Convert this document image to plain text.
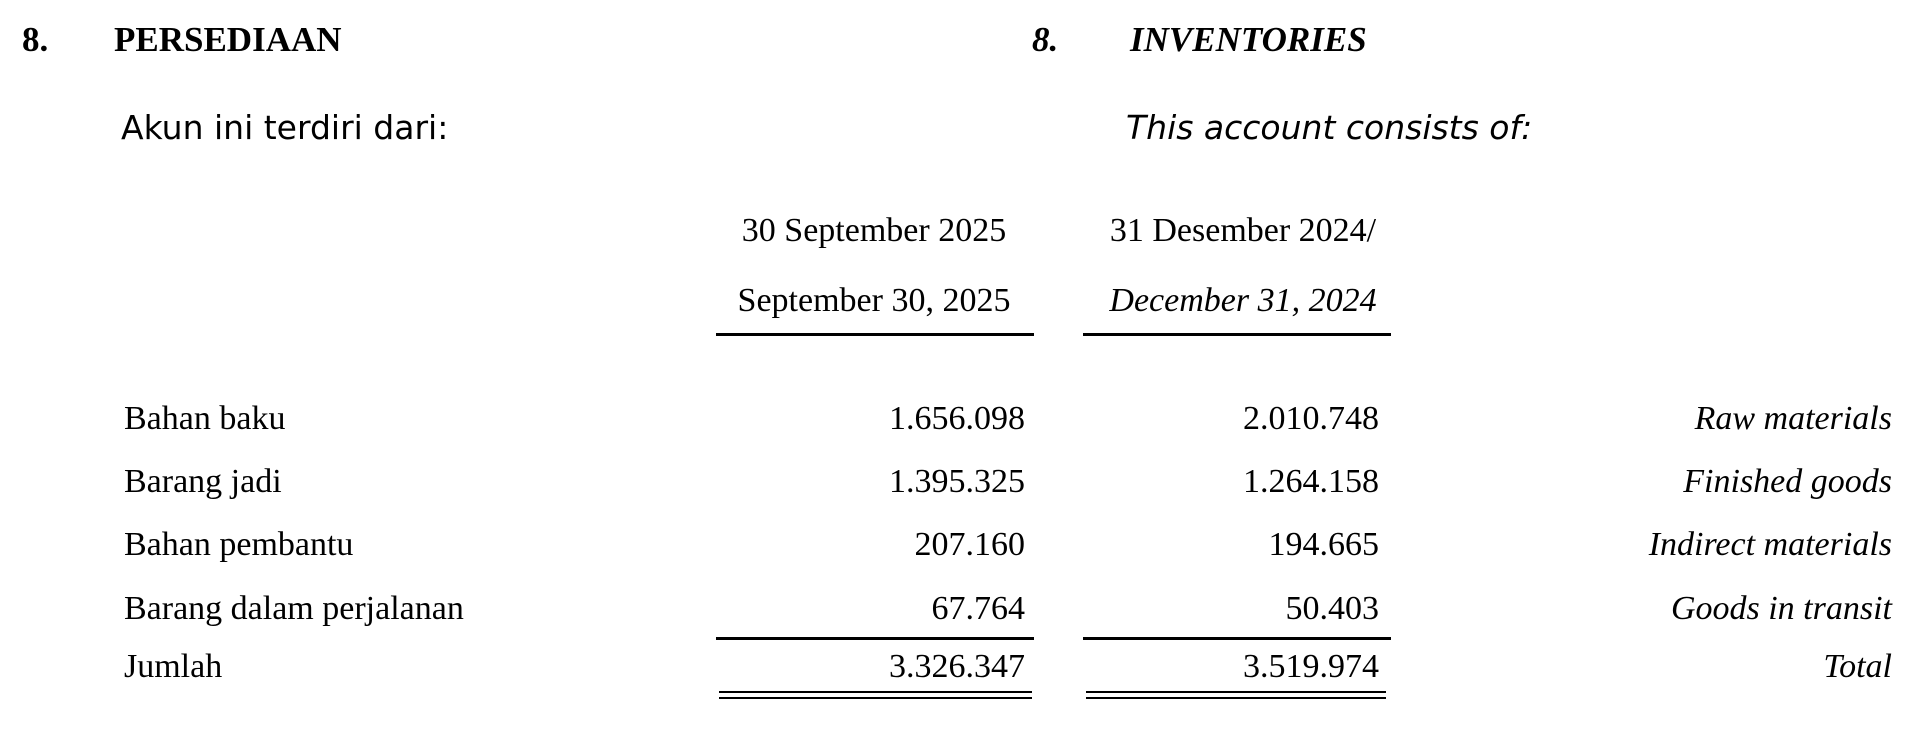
8. PERSEDIAAN	8. INVENTORIES
Akun ini terdiri dari:	This account consists of:
30 September 2025
September 30, 2025
31 Desember 2024/
December 31, 2024
Bahan baku	1.656.098	2.010.748	Raw materials
Barang jadi	1.395.325	1.264.158	Finished goods
Bahan pembantu	207.160	194.665	Indirect materials
Barang dalam perjalanan	67.764	50.403	Goods in transit
Jumlah	3.326.347	3.519.974	Total
